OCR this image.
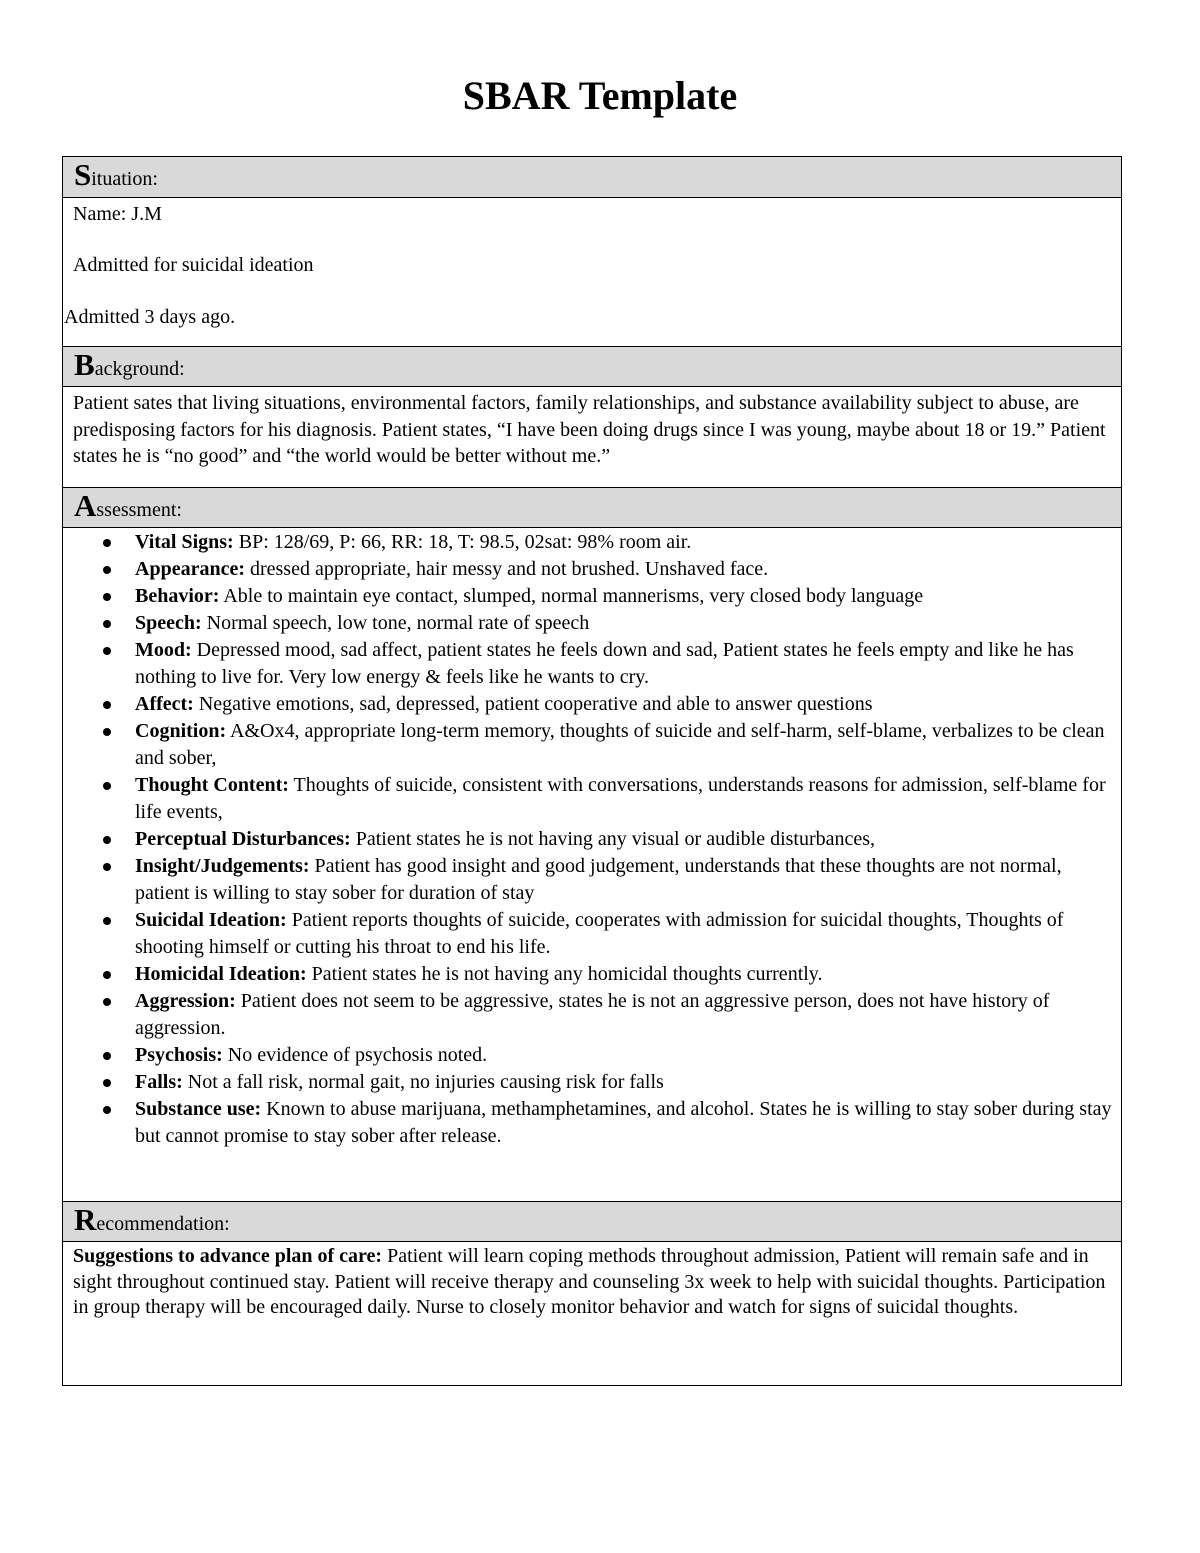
SBAR Template
Situation:
Name: J.M
Admitted for suicidal ideation
Admitted 3 days ago.
Background:
Patient sates that living situations, environmental factors, family relationships, and substance availability subject to abuse, are predisposing factors for his diagnosis. Patient states, “I have been doing drugs since I was young, maybe about 18 or 19.” Patient states he is “no good” and “the world would be better without me.”
Assessment:
Vital Signs: BP: 128/69, P: 66, RR: 18, T: 98.5, 02sat: 98% room air.
Appearance: dressed appropriate, hair messy and not brushed. Unshaved face.
Behavior: Able to maintain eye contact, slumped, normal mannerisms, very closed body language
Speech: Normal speech, low tone, normal rate of speech
Mood: Depressed mood, sad affect, patient states he feels down and sad, Patient states he feels empty and like he has nothing to live for. Very low energy & feels like he wants to cry.
Affect: Negative emotions, sad, depressed, patient cooperative and able to answer questions
Cognition: A&Ox4, appropriate long-term memory, thoughts of suicide and self-harm, self-blame, verbalizes to be clean and sober,
Thought Content: Thoughts of suicide, consistent with conversations, understands reasons for admission, self-blame for life events,
Perceptual Disturbances: Patient states he is not having any visual or audible disturbances,
Insight/Judgements: Patient has good insight and good judgement, understands that these thoughts are not normal, patient is willing to stay sober for duration of stay
Suicidal Ideation: Patient reports thoughts of suicide, cooperates with admission for suicidal thoughts, Thoughts of shooting himself or cutting his throat to end his life.
Homicidal Ideation: Patient states he is not having any homicidal thoughts currently.
Aggression: Patient does not seem to be aggressive, states he is not an aggressive person, does not have history of aggression.
Psychosis: No evidence of psychosis noted.
Falls: Not a fall risk, normal gait, no injuries causing risk for falls
Substance use: Known to abuse marijuana, methamphetamines, and alcohol. States he is willing to stay sober during stay but cannot promise to stay sober after release.
Recommendation:
Suggestions to advance plan of care: Patient will learn coping methods throughout admission, Patient will remain safe and in sight throughout continued stay. Patient will receive therapy and counseling 3x week to help with suicidal thoughts. Participation in group therapy will be encouraged daily. Nurse to closely monitor behavior and watch for signs of suicidal thoughts.
